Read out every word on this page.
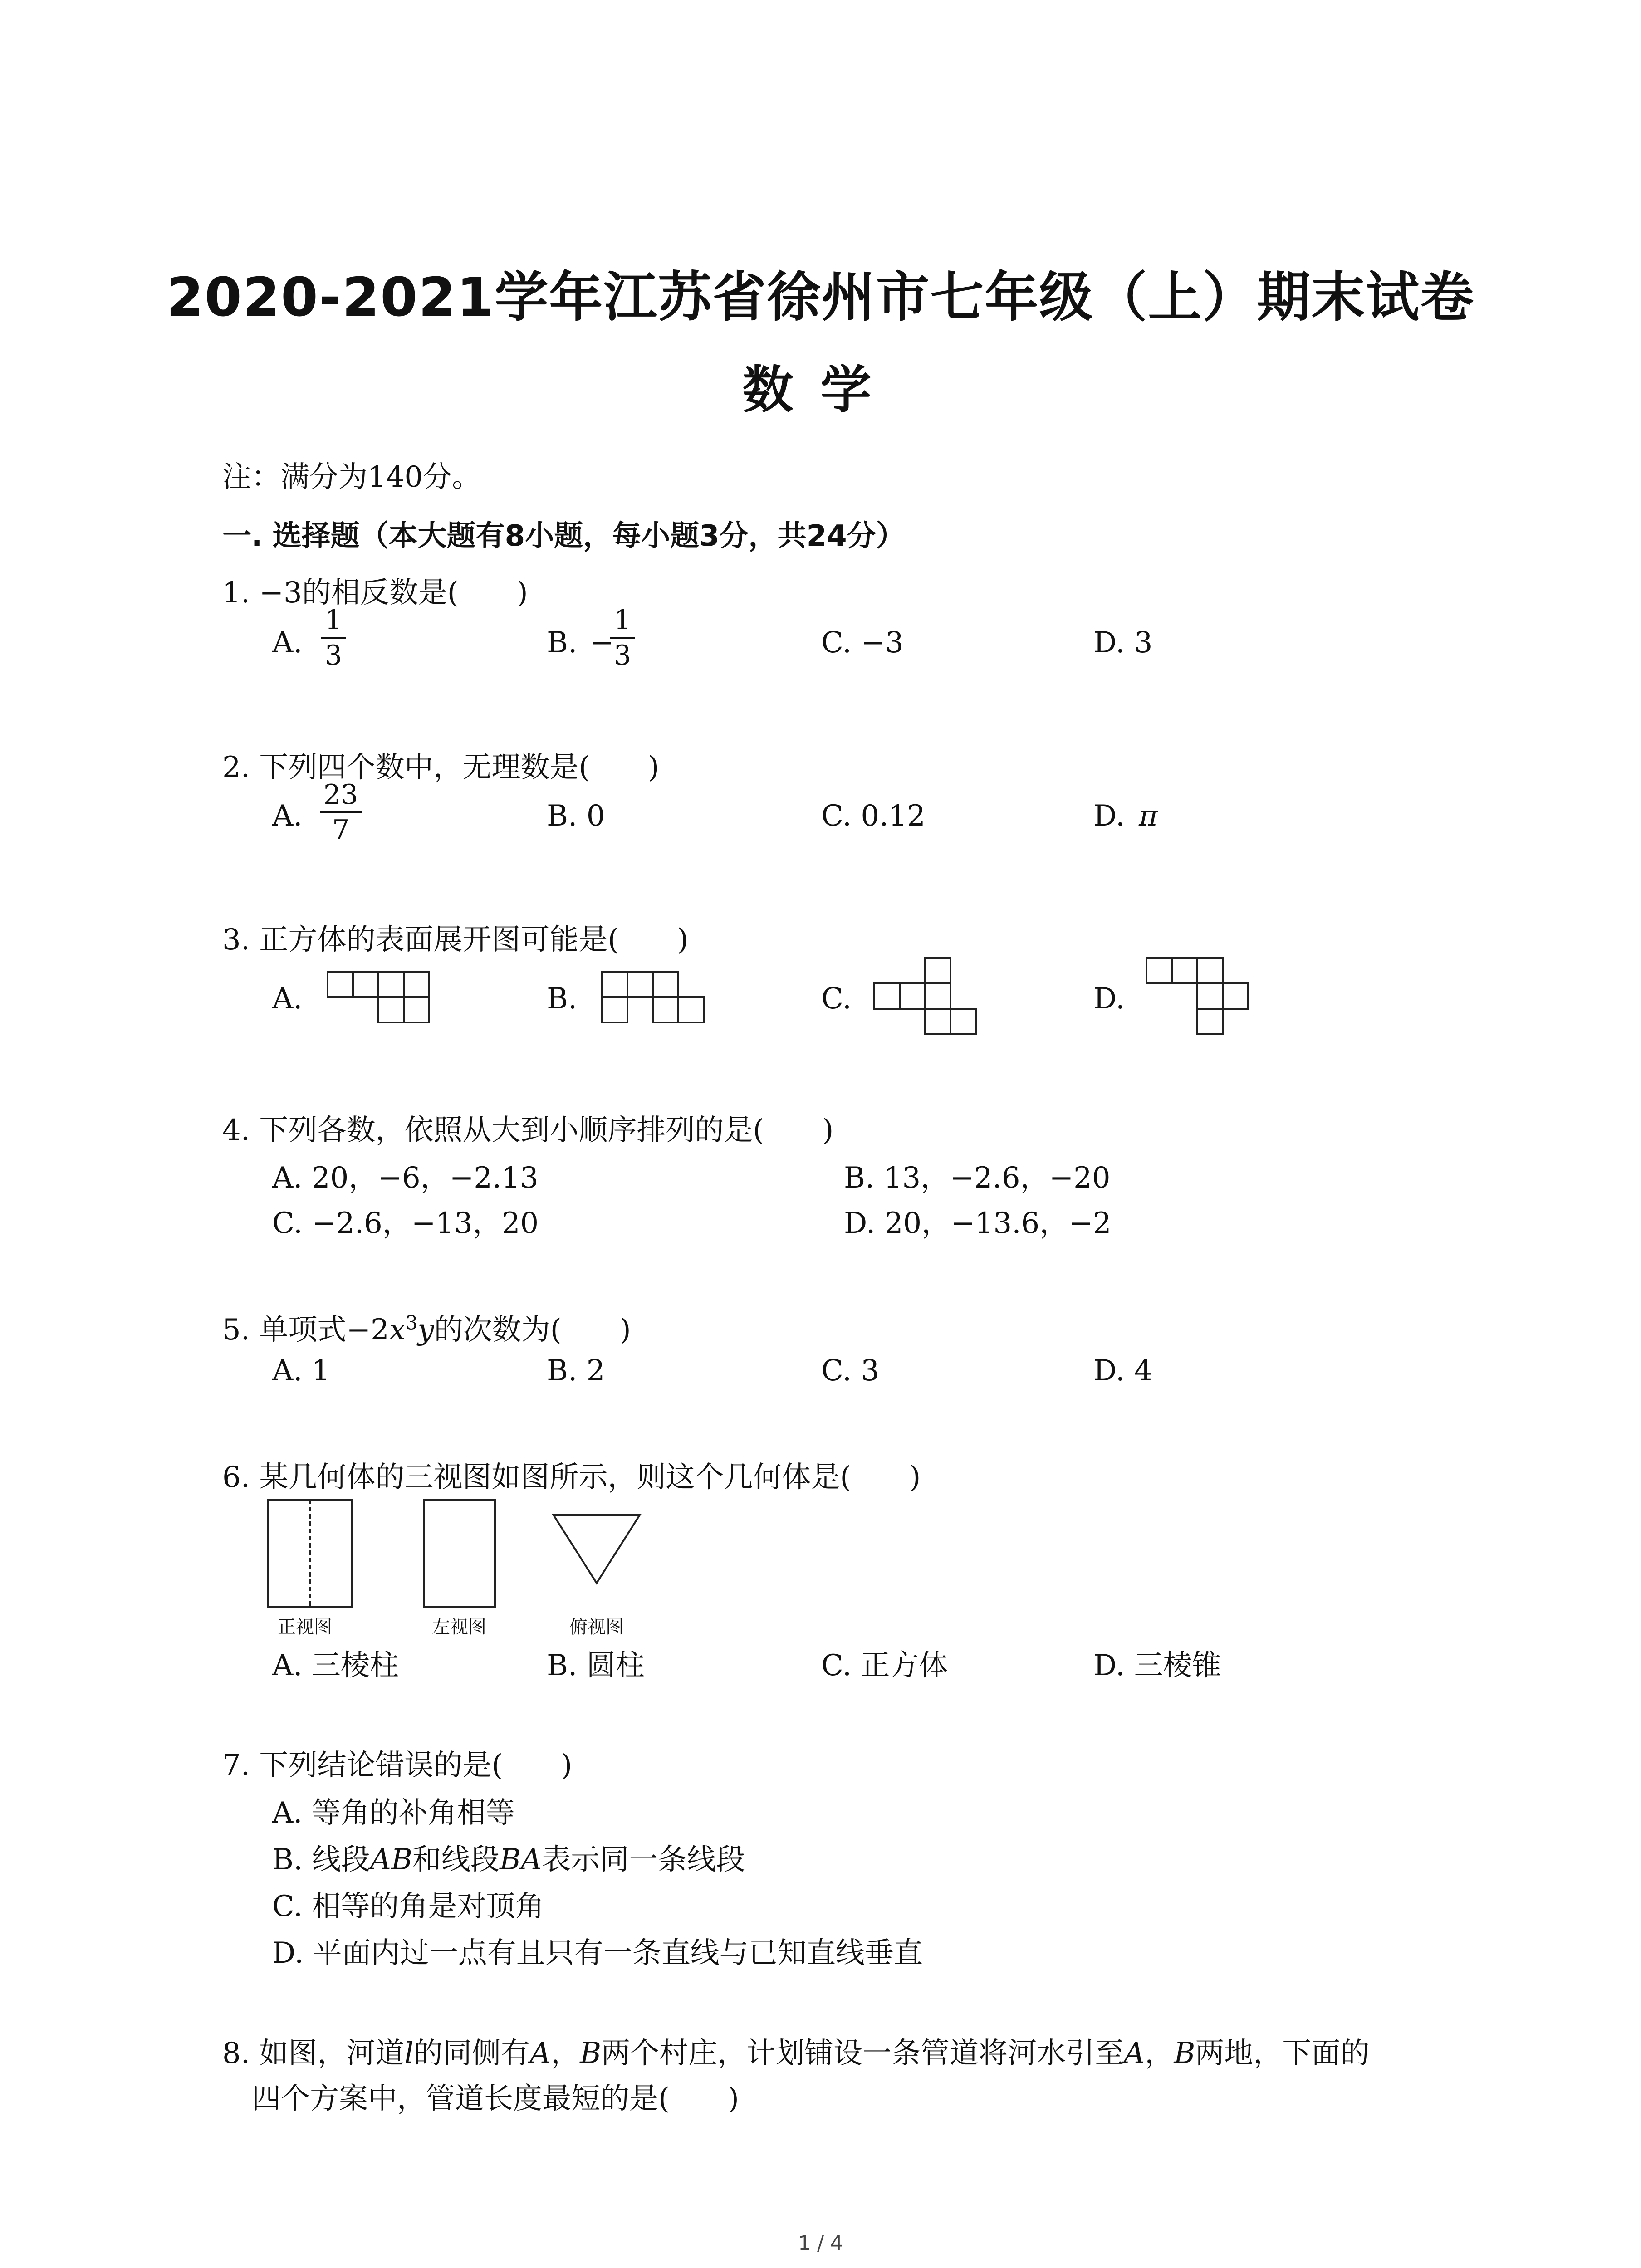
2020-2021学年江苏省徐州市七年级（上）期末试卷
数学
注：满分为140分。
一. 选择题（本大题有8小题，每小题3分，共24分）
1. −3的相反数是(　　)
A.
1
3	B. −
1
3	C. −3	D. 3
2. 下列四个数中，无理数是(　　)
A.
23
7	B. 0	C. 0.12	D. π
3. 正方体的表面展开图可能是(　　)
A.	B.	C.	D.
4. 下列各数，依照从大到小顺序排列的是(　　)
A. 20，−6，−2.13	B. 13，−2.6，−20
C. −2.6，−13，20	D. 20，−13.6，−2
5. 单项式$-2x^3y$的次数为(　　)
A. 1	B. 2	C. 3	D. 4
6. 某几何体的三视图如图所示，则这个几何体是(　　)
正视图	左视图	俯视图
A. 三棱柱	B. 圆柱	C. 正方体	D. 三棱锥
7. 下列结论错误的是(　　)
A. 等角的补角相等
B. 线段AB和线段BA表示同一条线段
C. 相等的角是对顶角
D. 平面内过一点有且只有一条直线与已知直线垂直
8. 如图，河道l的同侧有A，B两个村庄，计划铺设一条管道将河水引至A，B两地，下面的
四个方案中，管道长度最短的是(　　)
1 / 4
